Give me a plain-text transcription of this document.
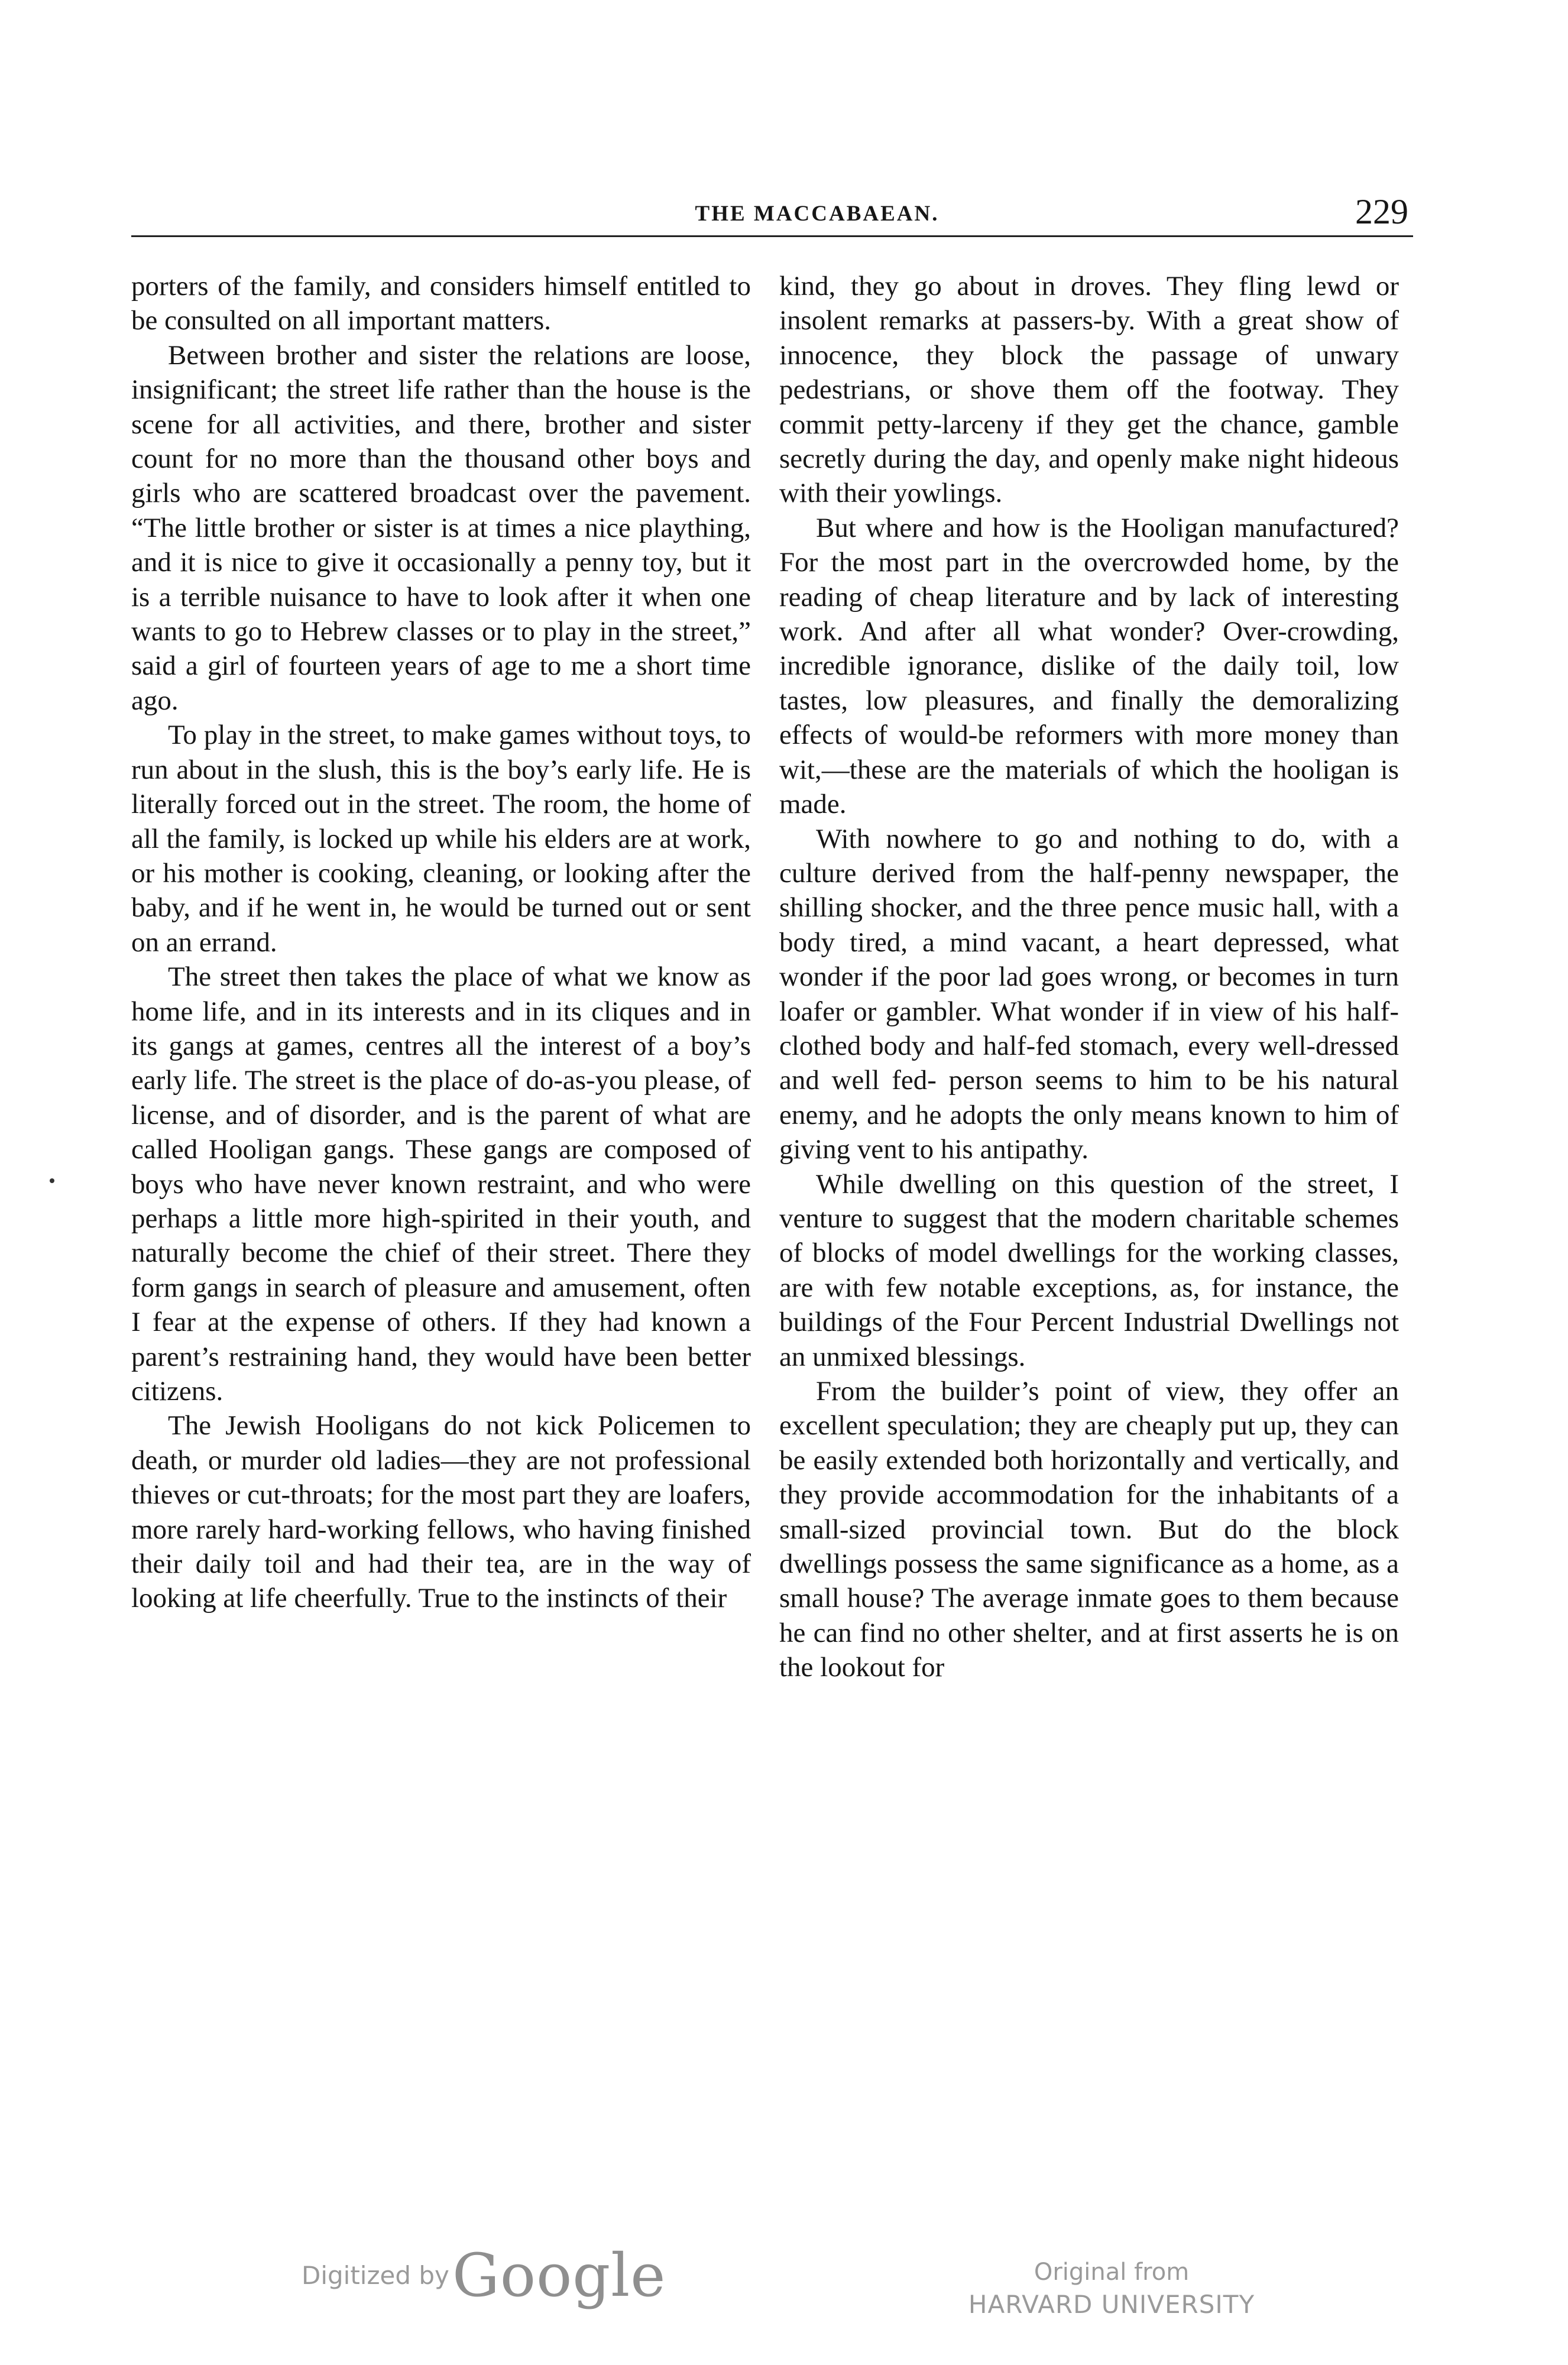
THE MACCABAEAN.	229

porters of the family, and considers himself entitled to be consulted on all important matters.

Between brother and sister the relations are loose, insignificant; the street life rather than the house is the scene for all activities, and there, brother and sister count for no more than the thousand other boys and girls who are scattered broadcast over the pavement. “The little brother or sister is at times a nice plaything, and it is nice to give it occasionally a penny toy, but it is a terrible nuisance to have to look after it when one wants to go to Hebrew classes or to play in the street,” said a girl of fourteen years of age to me a short time ago.

To play in the street, to make games without toys, to run about in the slush, this is the boy’s early life. He is literally forced out in the street. The room, the home of all the family, is locked up while his elders are at work, or his mother is cooking, cleaning, or looking after the baby, and if he went in, he would be turned out or sent on an errand.

The street then takes the place of what we know as home life, and in its interests and in its cliques and in its gangs at games, centres all the interest of a boy’s early life. The street is the place of do-as-you please, of license, and of disorder, and is the parent of what are called Hooligan gangs. These gangs are composed of boys who have never known restraint, and who were perhaps a little more high-spirited in their youth, and naturally become the chief of their street. There they form gangs in search of pleasure and amusement, often I fear at the expense of others. If they had known a parent’s restraining hand, they would have been better citizens.

The Jewish Hooligans do not kick Policemen to death, or murder old ladies—they are not professional thieves or cut-throats; for the most part they are loafers, more rarely hard-working fellows, who having finished their daily toil and had their tea, are in the way of looking at life cheerfully. True to the instincts of their

kind, they go about in droves. They fling lewd or insolent remarks at passers-by. With a great show of innocence, they block the passage of unwary pedestrians, or shove them off the footway. They commit petty-larceny if they get the chance, gamble secretly during the day, and openly make night hideous with their yowlings.

But where and how is the Hooligan manufactured? For the most part in the overcrowded home, by the reading of cheap literature and by lack of interesting work. And after all what wonder? Over-crowding, incredible ignorance, dislike of the daily toil, low tastes, low pleasures, and finally the demoralizing effects of would-be reformers with more money than wit,—these are the materials of which the hooligan is made.

With nowhere to go and nothing to do, with a culture derived from the half-penny newspaper, the shilling shocker, and the three pence music hall, with a body tired, a mind vacant, a heart depressed, what wonder if the poor lad goes wrong, or becomes in turn loafer or gambler. What wonder if in view of his half-clothed body and half-fed stomach, every well-dressed and well fed- person seems to him to be his natural enemy, and he adopts the only means known to him of giving vent to his antipathy.

While dwelling on this question of the street, I venture to suggest that the modern charitable schemes of blocks of model dwellings for the working classes, are with few notable exceptions, as, for instance, the buildings of the Four Percent Industrial Dwellings not an unmixed blessings.

From the builder’s point of view, they offer an excellent speculation; they are cheaply put up, they can be easily extended both horizontally and vertically, and they provide accommodation for the inhabitants of a small-sized provincial town. But do the block dwellings possess the same significance as a home, as a small house? The average inmate goes to them because he can find no other shelter, and at first asserts he is on the lookout for

Digitized by Google	Original from
HARVARD UNIVERSITY
